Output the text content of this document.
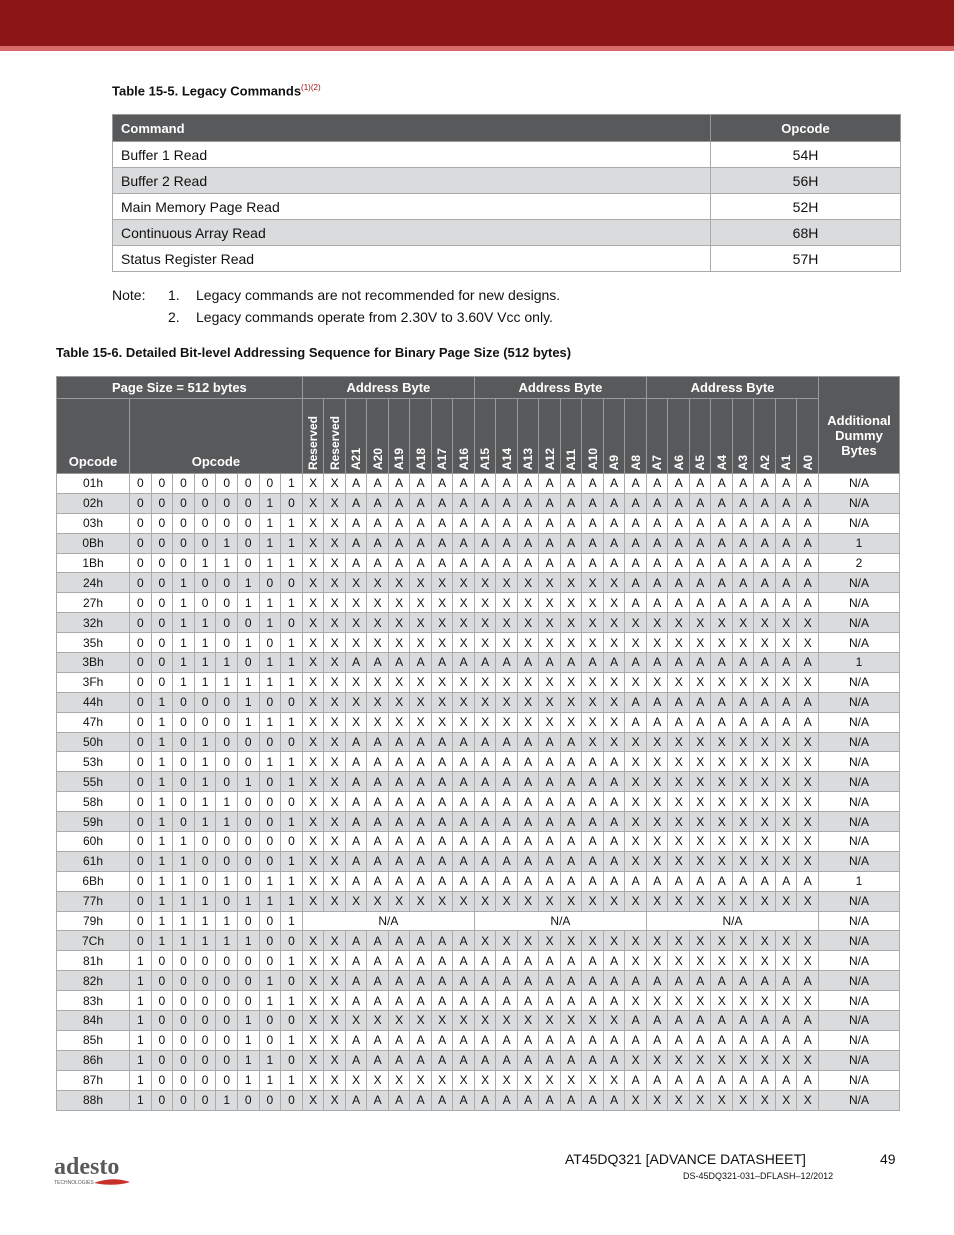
Table 15-5. Legacy Commands$^{(1)(2)}$
Command	Opcode
Buffer 1 Read	54H
Buffer 2 Read	56H
Main Memory Page Read	52H
Continuous Array Read	68H
Status Register Read	57H
Note: 1. Legacy commands are not recommended for new designs.
2. Legacy commands operate from 2.30V to 3.60V Vcc only.
Table 15-6. Detailed Bit-level Addressing Sequence for Binary Page Size (512 bytes)
Page Size = 512 bytes									Address Byte								Address Byte								Address Byte								Additional Dummy Bytes
Opcode	Opcode								Reserved	Reserved	A21	A20	A19	A18	A17	A16	A15	A14	A13	A12	A11	A10	A9	A8	A7	A6	A5	A4	A3	A2	A1	A0	
01h	0	0	0	0	0	0	0	1	X	X	A	A	A	A	A	A	A	A	A	A	A	A	A	A	A	A	A	A	A	A	A	A	N/A
02h	0	0	0	0	0	0	1	0	X	X	A	A	A	A	A	A	A	A	A	A	A	A	A	A	A	A	A	A	A	A	A	A	N/A
03h	0	0	0	0	0	0	1	1	X	X	A	A	A	A	A	A	A	A	A	A	A	A	A	A	A	A	A	A	A	A	A	A	N/A
0Bh	0	0	0	0	1	0	1	1	X	X	A	A	A	A	A	A	A	A	A	A	A	A	A	A	A	A	A	A	A	A	A	A	1
1Bh	0	0	0	1	1	0	1	1	X	X	A	A	A	A	A	A	A	A	A	A	A	A	A	A	A	A	A	A	A	A	A	A	2
24h	0	0	1	0	0	1	0	0	X	X	X	X	X	X	X	X	X	X	X	X	X	X	X	A	A	A	A	A	A	A	A	A	N/A
27h	0	0	1	0	0	1	1	1	X	X	X	X	X	X	X	X	X	X	X	X	X	X	X	A	A	A	A	A	A	A	A	A	N/A
32h	0	0	1	1	0	0	1	0	X	X	X	X	X	X	X	X	X	X	X	X	X	X	X	X	X	X	X	X	X	X	X	X	N/A
35h	0	0	1	1	0	1	0	1	X	X	X	X	X	X	X	X	X	X	X	X	X	X	X	X	X	X	X	X	X	X	X	X	N/A
3Bh	0	0	1	1	1	0	1	1	X	X	A	A	A	A	A	A	A	A	A	A	A	A	A	A	A	A	A	A	A	A	A	A	1
3Fh	0	0	1	1	1	1	1	1	X	X	X	X	X	X	X	X	X	X	X	X	X	X	X	X	X	X	X	X	X	X	X	X	N/A
44h	0	1	0	0	0	1	0	0	X	X	X	X	X	X	X	X	X	X	X	X	X	X	X	A	A	A	A	A	A	A	A	A	N/A
47h	0	1	0	0	0	1	1	1	X	X	X	X	X	X	X	X	X	X	X	X	X	X	X	A	A	A	A	A	A	A	A	A	N/A
50h	0	1	0	1	0	0	0	0	X	X	A	A	A	A	A	A	A	A	A	A	A	X	X	X	X	X	X	X	X	X	X	X	N/A
53h	0	1	0	1	0	0	1	1	X	X	A	A	A	A	A	A	A	A	A	A	A	A	A	X	X	X	X	X	X	X	X	X	N/A
55h	0	1	0	1	0	1	0	1	X	X	A	A	A	A	A	A	A	A	A	A	A	A	A	X	X	X	X	X	X	X	X	X	N/A
58h	0	1	0	1	1	0	0	0	X	X	A	A	A	A	A	A	A	A	A	A	A	A	A	X	X	X	X	X	X	X	X	X	N/A
59h	0	1	0	1	1	0	0	1	X	X	A	A	A	A	A	A	A	A	A	A	A	A	A	X	X	X	X	X	X	X	X	X	N/A
60h	0	1	1	0	0	0	0	0	X	X	A	A	A	A	A	A	A	A	A	A	A	A	A	X	X	X	X	X	X	X	X	X	N/A
61h	0	1	1	0	0	0	0	1	X	X	A	A	A	A	A	A	A	A	A	A	A	A	A	X	X	X	X	X	X	X	X	X	N/A
6Bh	0	1	1	0	1	0	1	1	X	X	A	A	A	A	A	A	A	A	A	A	A	A	A	A	A	A	A	A	A	A	A	A	1
77h	0	1	1	1	0	1	1	1	X	X	X	X	X	X	X	X	X	X	X	X	X	X	X	X	X	X	X	X	X	X	X	X	N/A
79h	0	1	1	1	1	0	0	1	N/A								N/A								N/A								N/A
7Ch	0	1	1	1	1	1	0	0	X	X	A	A	A	A	A	A	X	X	X	X	X	X	X	X	X	X	X	X	X	X	X	X	N/A
81h	1	0	0	0	0	0	0	1	X	X	A	A	A	A	A	A	A	A	A	A	A	A	A	X	X	X	X	X	X	X	X	X	N/A
82h	1	0	0	0	0	0	1	0	X	X	A	A	A	A	A	A	A	A	A	A	A	A	A	A	A	A	A	A	A	A	A	A	N/A
83h	1	0	0	0	0	0	1	1	X	X	A	A	A	A	A	A	A	A	A	A	A	A	A	X	X	X	X	X	X	X	X	X	N/A
84h	1	0	0	0	0	1	0	0	X	X	X	X	X	X	X	X	X	X	X	X	X	X	X	A	A	A	A	A	A	A	A	A	N/A
85h	1	0	0	0	0	1	0	1	X	X	A	A	A	A	A	A	A	A	A	A	A	A	A	A	A	A	A	A	A	A	A	A	N/A
86h	1	0	0	0	0	1	1	0	X	X	A	A	A	A	A	A	A	A	A	A	A	A	A	X	X	X	X	X	X	X	X	X	N/A
87h	1	0	0	0	0	1	1	1	X	X	X	X	X	X	X	X	X	X	X	X	X	X	X	A	A	A	A	A	A	A	A	A	N/A
88h	1	0	0	0	1	0	0	0	X	X	A	A	A	A	A	A	A	A	A	A	A	A	A	X	X	X	X	X	X	X	X	X	N/A
adesto
TECHNOLOGIES
AT45DQ321 [ADVANCE DATASHEET]	49
DS-45DQ321-031–DFLASH–12/2012
